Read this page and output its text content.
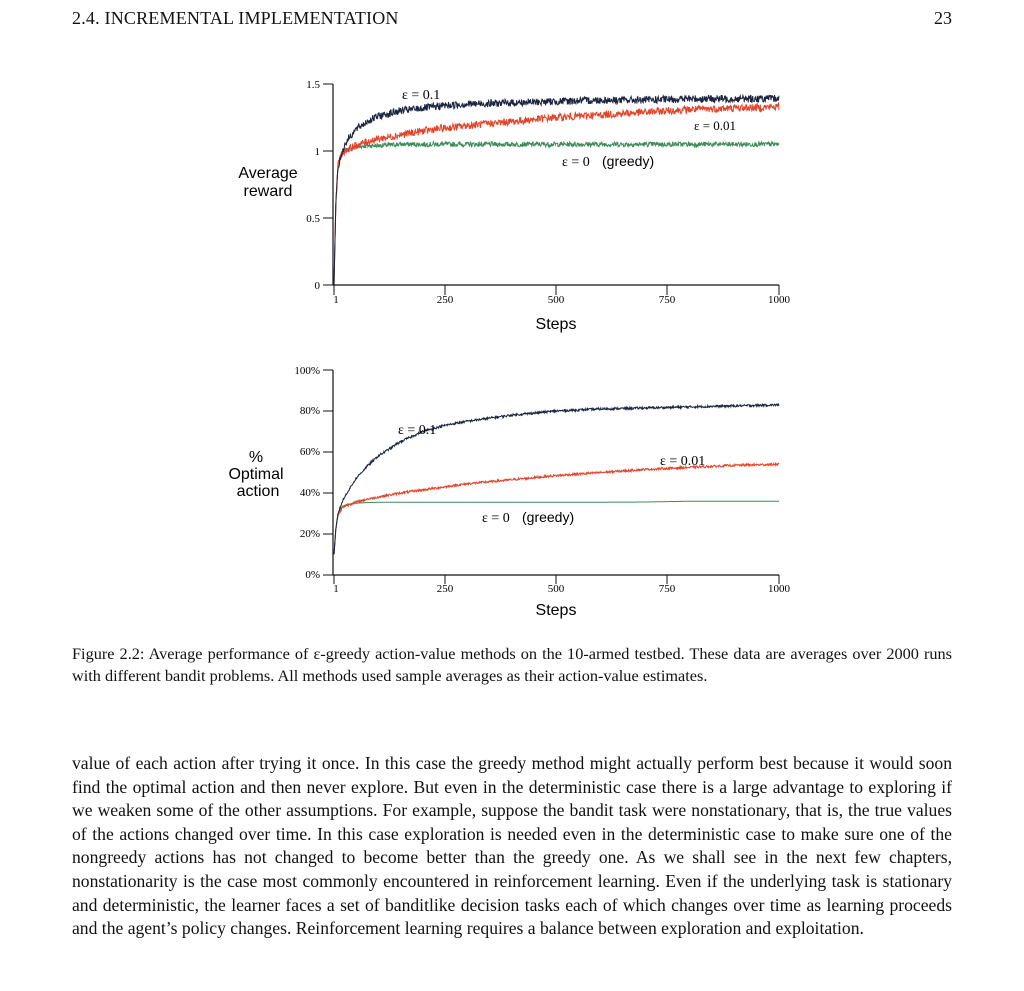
2.4. INCREMENTAL IMPLEMENTATION	23
Average
reward
0
0.5
1
1.5
1	250	500	750	1000
Steps
ε = 0.1
ε = 0.01
ε = 0 (greedy)
%
Optimal
action
0%
20%
40%
60%
80%
100%
1	250	500	750	1000
Steps
ε = 0.1
ε = 0.01
ε = 0 (greedy)
Figure 2.2: Average performance of ε-greedy action-value methods on the 10-armed testbed. These data are averages over 2000 runs with different bandit problems. All methods used sample averages as their action-value estimates.
value of each action after trying it once. In this case the greedy method might actually perform best because it would soon find the optimal action and then never explore. But even in the deterministic case there is a large advantage to exploring if we weaken some of the other assumptions. For example, suppose the bandit task were nonstationary, that is, the true values of the actions changed over time. In this case exploration is needed even in the deterministic case to make sure one of the nongreedy actions has not changed to become better than the greedy one. As we shall see in the next few chapters, nonstationarity is the case most commonly encountered in reinforcement learning. Even if the underlying task is stationary and deterministic, the learner faces a set of banditlike decision tasks each of which changes over time as learning proceeds and the agent’s policy changes. Reinforcement learning requires a balance between exploration and exploitation.
